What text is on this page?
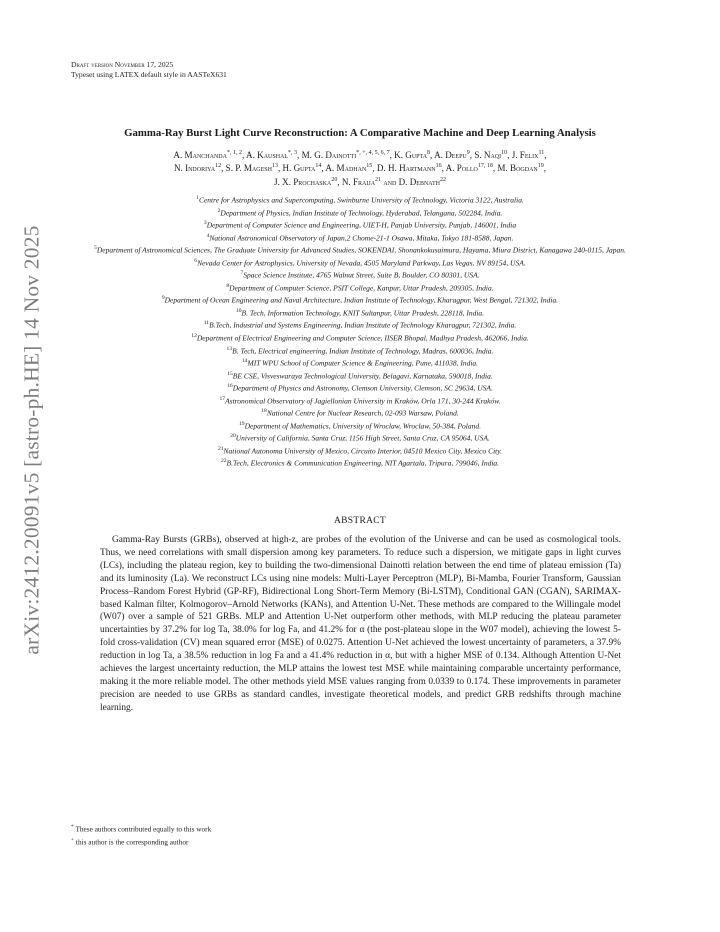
arXiv:2412.20091v5 [astro-ph.HE] 14 Nov 2025
Draft version November 17, 2025
Typeset using LATEX default style in AASTeX631
Gamma-Ray Burst Light Curve Reconstruction: A Comparative Machine and Deep Learning Analysis
A. Manchanda$^{*, 1, 2}$, A. Kaushal$^{*, 3}$, M. G. Dainotti$^{*, +, 4, 5, 6, 7}$, K. Gupta$^8$, A. Deepu$^9$, S. Naqi$^{10}$, J. Felix$^{11}$,
N. Indoriya$^{12}$, S. P. Magesh$^{13}$, H. Gupta$^{14}$, A. Madhan$^{15}$, D. H. Hartmann$^{16}$, A. Pollo$^{17, 18}$, M. Bogdan$^{19}$,
J. X. Prochaska$^{20}$, N. Fraija$^{21}$ and D. Debnath$^{22}$
$^1$Centre for Astrophysics and Supercomputing, Swinburne University of Technology, Victoria 3122, Australia.
$^2$Department of Physics, Indian Institute of Technology, Hyderabad, Telangana, 502284, India.
$^3$Department of Computer Science and Engineering, UIET-H, Panjab University, Punjab, 146001, India
$^4$National Astronomical Observatory of Japan,2 Chome-21-1 Osawa, Mitaka, Tokyo 181-8588, Japan.
$^5$Department of Astronomical Sciences, The Graduate University for Advanced Studies, SOKENDAI, Shonankokusaimura, Hayama, Miura District, Kanagawa 240-0115, Japan.
$^6$Nevada Center for Astrophysics, University of Nevada, 4505 Maryland Parkway, Las Vegas, NV 89154, USA.
$^7$Space Science Institute, 4765 Walnut Street, Suite B, Boulder, CO 80301, USA.
$^8$Department of Computer Science, PSIT College, Kanpur, Uttar Pradesh, 209305, India.
$^9$Department of Ocean Engineering and Naval Architecture, Indian Institute of Technology, Kharagpur, West Bengal, 721302, India.
$^{10}$B. Tech, Information Technology, KNIT Sultanpur, Uttar Pradesh, 228118, India.
$^{11}$B.Tech, Industrial and Systems Engineering, Indian Institute of Technology Kharagpur, 721302, India.
$^{12}$Department of Electrical Engineering and Computer Science, IISER Bhopal, Madhya Pradesh, 462066, India.
$^{13}$B. Tech, Electrical engineering, Indian Institute of Technology, Madras, 600036, India.
$^{14}$MIT WPU School of Computer Science & Engineering, Pune, 411038, India.
$^{15}$BE CSE, Visveswaraya Technological University, Belagavi, Karnataka, 590018, India.
$^{16}$Department of Physics and Astronomy, Clemson University, Clemson, SC 29634, USA.
$^{17}$Astronomical Observatory of Jagiellonian University in Kraków, Orla 171, 30-244 Kraków.
$^{18}$National Centre for Nuclear Research, 02-093 Warsaw, Poland.
$^{19}$Department of Mathematics, University of Wroclaw, Wroclaw, 50-384, Poland.
$^{20}$University of California, Santa Cruz, 1156 High Street, Santa Cruz, CA 95064, USA.
$^{21}$National Autonoma University of Mexico, Circuito Interior, 04510 Mexico City, Mexico City.
$^{22}$B.Tech, Electronics & Communication Engineering, NIT Agartala, Tripura, 799046, India.
ABSTRACT
Gamma-Ray Bursts (GRBs), observed at high-z, are probes of the evolution of the Universe and can be used as cosmological tools. Thus, we need correlations with small dispersion among key parameters. To reduce such a dispersion, we mitigate gaps in light curves (LCs), including the plateau region, key to building the two-dimensional Dainotti relation between the end time of plateau emission (Ta) and its luminosity (La). We reconstruct LCs using nine models: Multi-Layer Perceptron (MLP), Bi-Mamba, Fourier Transform, Gaussian Process–Random Forest Hybrid (GP-RF), Bidirectional Long Short-Term Memory (Bi-LSTM), Conditional GAN (CGAN), SARIMAX-based Kalman filter, Kolmogorov–Arnold Networks (KANs), and Attention U-Net. These methods are compared to the Willingale model (W07) over a sample of 521 GRBs. MLP and Attention U-Net outperform other methods, with MLP reducing the plateau parameter uncertainties by 37.2% for log Ta, 38.0% for log Fa, and 41.2% for α (the post-plateau slope in the W07 model), achieving the lowest 5-fold cross-validation (CV) mean squared error (MSE) of 0.0275. Attention U-Net achieved the lowest uncertainty of parameters, a 37.9% reduction in log Ta, a 38.5% reduction in log Fa and a 41.4% reduction in α, but with a higher MSE of 0.134. Although Attention U-Net achieves the largest uncertainty reduction, the MLP attains the lowest test MSE while maintaining comparable uncertainty performance, making it the more reliable model. The other methods yield MSE values ranging from 0.0339 to 0.174. These improvements in parameter precision are needed to use GRBs as standard candles, investigate theoretical models, and predict GRB redshifts through machine learning.
* These authors contributed equally to this work
+ this author is the corresponding author
